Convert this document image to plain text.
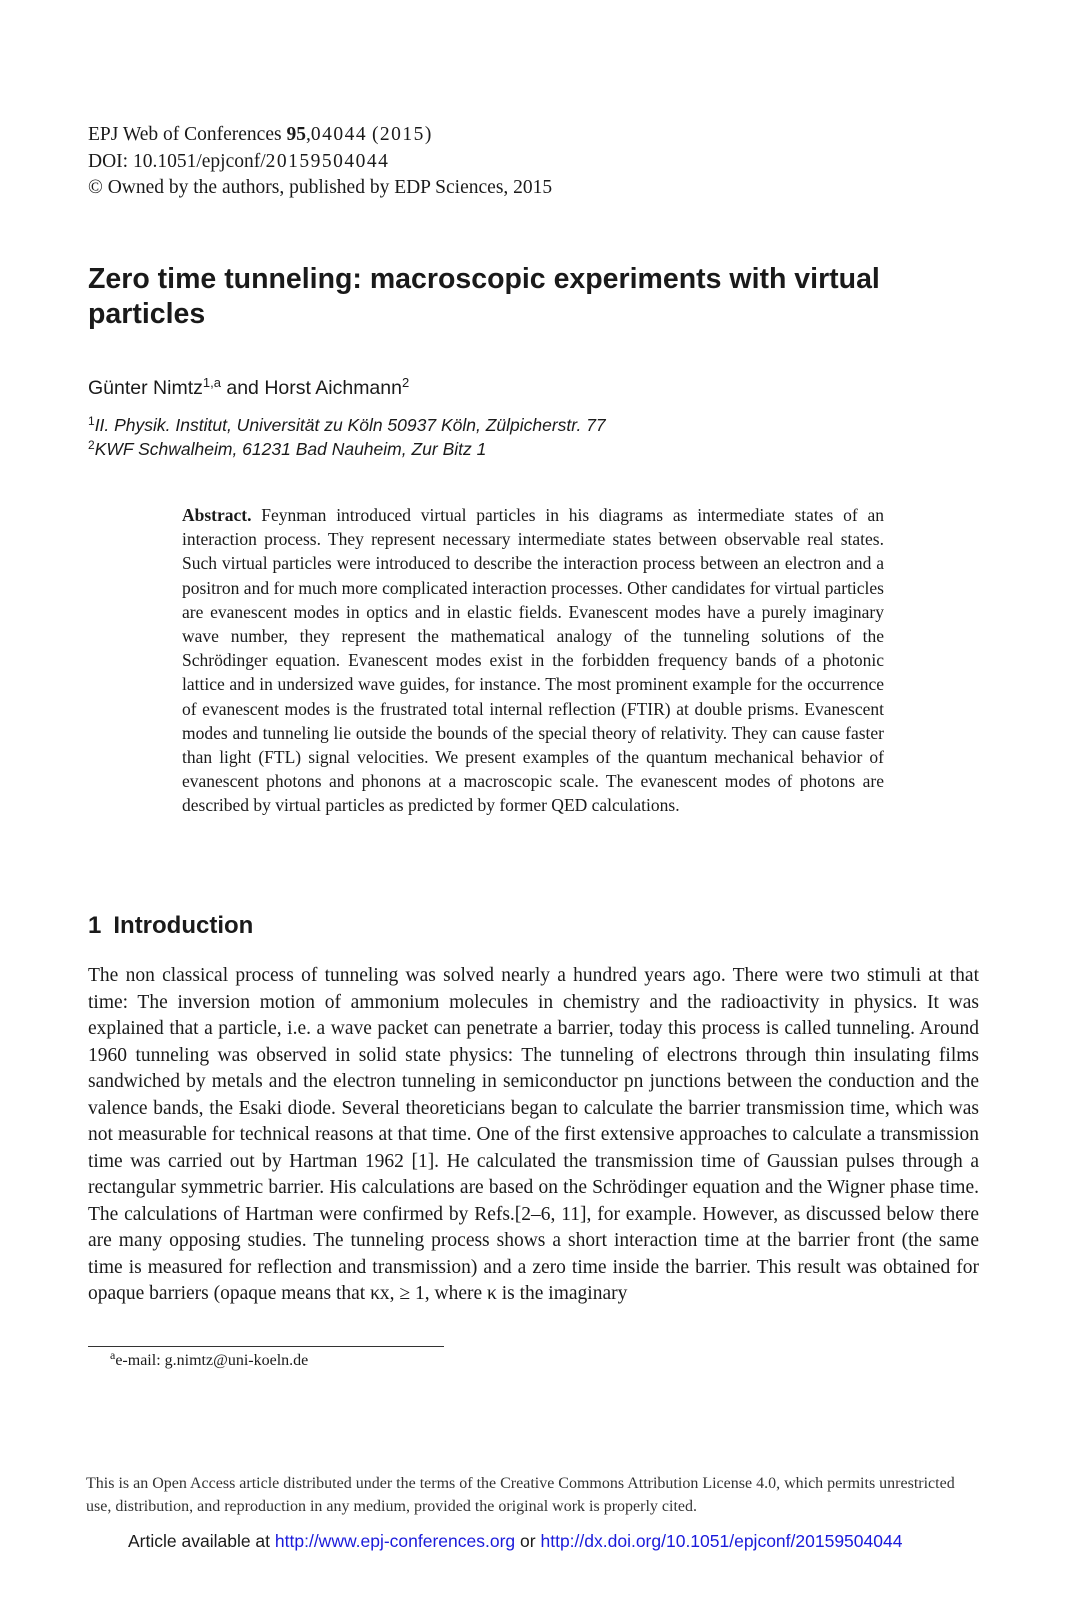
EPJ Web of Conferences 95,04044 (2015)
DOI: 10.1051/epjconf/20159504044
© Owned by the authors, published by EDP Sciences, 2015
Zero time tunneling: macroscopic experiments with virtual particles
Günter Nimtz$^{1,a}$ and Horst Aichmann$^2$
$^1$II. Physik. Institut, Universität zu Köln 50937 Köln, Zülpicherstr. 77
$^2$KWF Schwalheim, 61231 Bad Nauheim, Zur Bitz 1

Abstract. Feynman introduced virtual particles in his diagrams as intermediate states of an interaction process. They represent necessary intermediate states between observable real states. Such virtual particles were introduced to describe the interaction process between an electron and a positron and for much more complicated interaction processes. Other candidates for virtual particles are evanescent modes in optics and in elastic fields. Evanescent modes have a purely imaginary wave number, they represent the mathematical analogy of the tunneling solutions of the Schrödinger equation. Evanescent modes exist in the forbidden frequency bands of a photonic lattice and in undersized wave guides, for instance. The most prominent example for the occurrence of evanescent modes is the frustrated total internal reflection (FTIR) at double prisms. Evanescent modes and tunneling lie outside the bounds of the special theory of relativity. They can cause faster than light (FTL) signal velocities. We present examples of the quantum mechanical behavior of evanescent photons and phonons at a macroscopic scale. The evanescent modes of photons are described by virtual particles as predicted by former QED calculations.

1 Introduction

The non classical process of tunneling was solved nearly a hundred years ago. There were two stimuli at that time: The inversion motion of ammonium molecules in chemistry and the radioactivity in physics. It was explained that a particle, i.e. a wave packet can penetrate a barrier, today this process is called tunneling. Around 1960 tunneling was observed in solid state physics: The tunneling of electrons through thin insulating films sandwiched by metals and the electron tunneling in semiconductor pn junctions between the conduction and the valence bands, the Esaki diode. Several theoreticians began to calculate the barrier transmission time, which was not measurable for technical reasons at that time. One of the first extensive approaches to calculate a transmission time was carried out by Hartman 1962 [1]. He calculated the transmission time of Gaussian pulses through a rectangular symmetric barrier. His calculations are based on the Schrödinger equation and the Wigner phase time. The calculations of Hartman were confirmed by Refs.[2–6, 11], for example. However, as discussed below there are many opposing studies. The tunneling process shows a short interaction time at the barrier front (the same time is measured for reflection and transmission) and a zero time inside the barrier. This result was obtained for opaque barriers (opaque means that κx, ≥ 1, where κ is the imaginary

$^a$e-mail: g.nimtz@uni-koeln.de

This is an Open Access article distributed under the terms of the Creative Commons Attribution License 4.0, which permits unrestricted use, distribution, and reproduction in any medium, provided the original work is properly cited.

Article available at http://www.epj-conferences.org or http://dx.doi.org/10.1051/epjconf/20159504044
